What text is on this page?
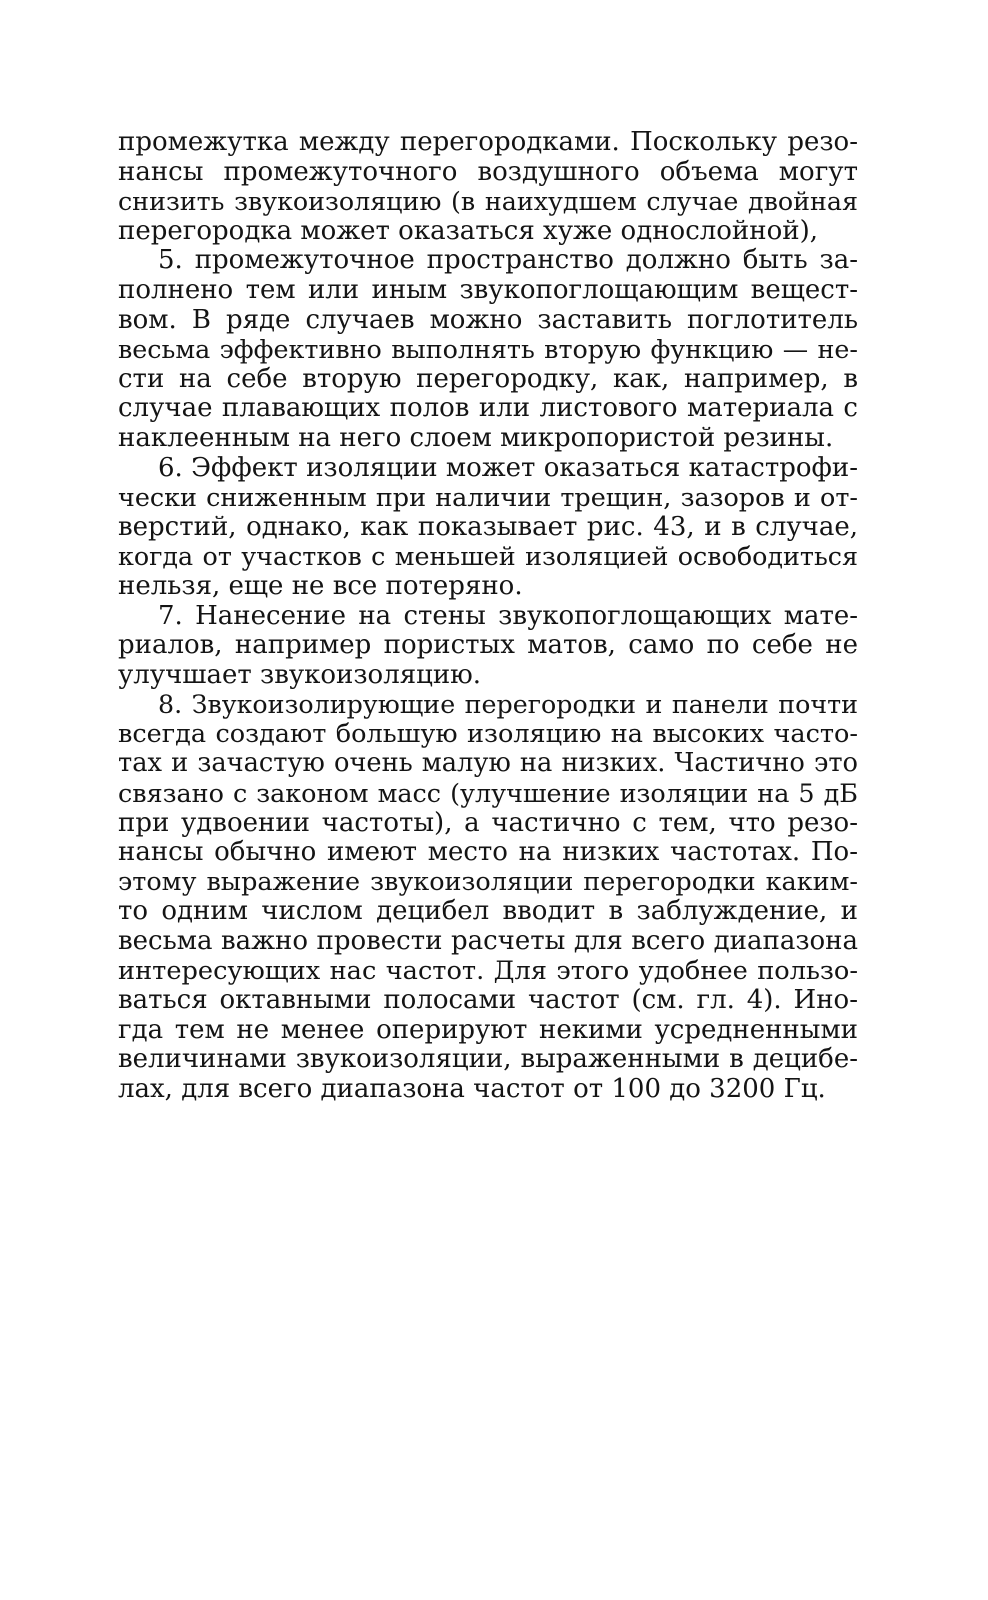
промежутка между перегородками. Поскольку резо-
нансы промежуточного воздушного объема могут
снизить звукоизоляцию (в наихудшем случае двойная
перегородка может оказаться хуже однослойной),
5. промежуточное пространство должно быть за-
полнено тем или иным звукопоглощающим вещест-
вом. В ряде случаев можно заставить поглотитель
весьма эффективно выполнять вторую функцию — не-
сти на себе вторую перегородку, как, например, в
случае плавающих полов или листового материала с
наклеенным на него слоем микропористой резины.
6. Эффект изоляции может оказаться катастрофи-
чески сниженным при наличии трещин, зазоров и от-
верстий, однако, как показывает рис. 43, и в случае,
когда от участков с меньшей изоляцией освободиться
нельзя, еще не все потеряно.
7. Нанесение на стены звукопоглощающих мате-
риалов, например пористых матов, само по себе не
улучшает звукоизоляцию.
8. Звукоизолирующие перегородки и панели почти
всегда создают большую изоляцию на высоких часто-
тах и зачастую очень малую на низких. Частично это
связано с законом масс (улучшение изоляции на 5 дБ
при удвоении частоты), а частично с тем, что резо-
нансы обычно имеют место на низких частотах. По-
этому выражение звукоизоляции перегородки каким-
то одним числом децибел вводит в заблуждение, и
весьма важно провести расчеты для всего диапазона
интересующих нас частот. Для этого удобнее пользо-
ваться октавными полосами частот (см. гл. 4). Ино-
гда тем не менее оперируют некими усредненными
величинами звукоизоляции, выраженными в децибе-
лах, для всего диапазона частот от 100 до 3200 Гц.
